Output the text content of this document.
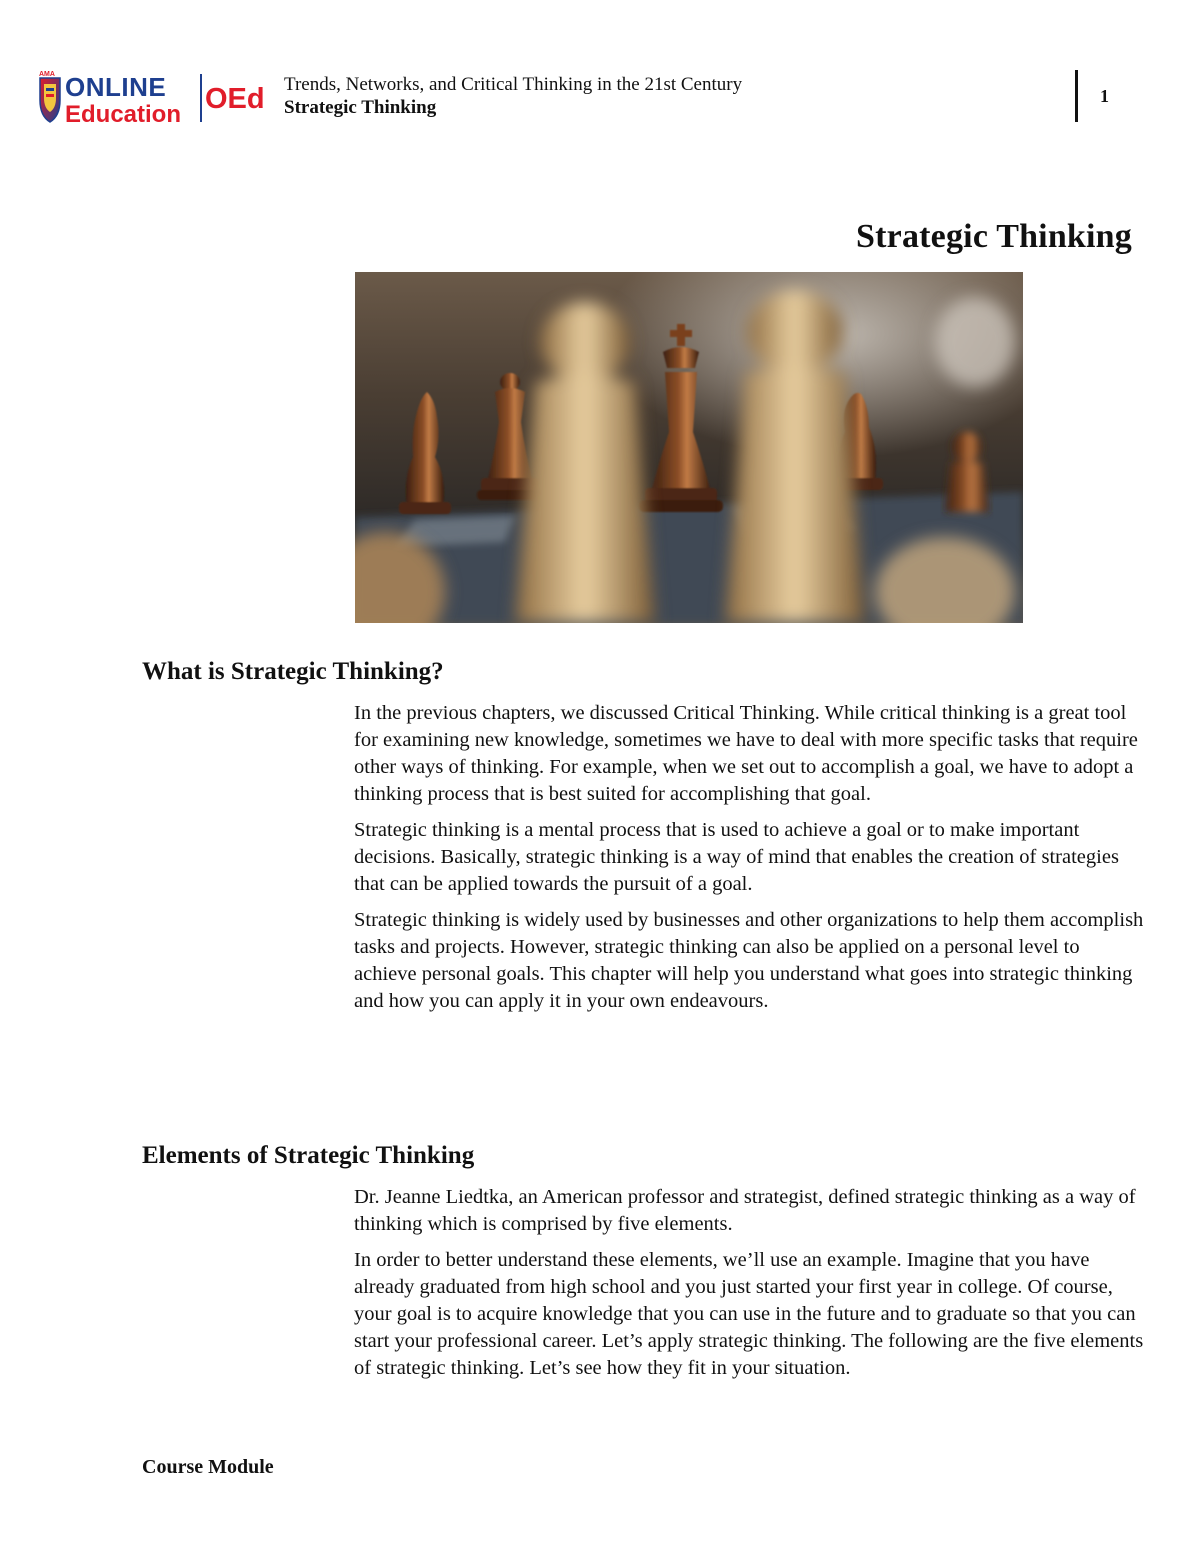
AMA ONLINE
Education OEd Trends, Networks, and Critical Thinking in the 21st Century
Strategic Thinking
1
Strategic Thinking
What is Strategic Thinking?

In the previous chapters, we discussed Critical Thinking. While critical thinking is a great tool for examining new knowledge, sometimes we have to deal with more specific tasks that require other ways of thinking. For example, when we set out to accomplish a goal, we have to adopt a thinking process that is best suited for accomplishing that goal.

Strategic thinking is a mental process that is used to achieve a goal or to make important decisions. Basically, strategic thinking is a way of mind that enables the creation of strategies that can be applied towards the pursuit of a goal.

Strategic thinking is widely used by businesses and other organizations to help them accomplish tasks and projects. However, strategic thinking can also be applied on a personal level to achieve personal goals. This chapter will help you understand what goes into strategic thinking and how you can apply it in your own endeavours.

Elements of Strategic Thinking

Dr. Jeanne Liedtka, an American professor and strategist, defined strategic thinking as a way of thinking which is comprised by five elements.

In order to better understand these elements, we’ll use an example. Imagine that you have already graduated from high school and you just started your first year in college. Of course, your goal is to acquire knowledge that you can use in the future and to graduate so that you can start your professional career. Let’s apply strategic thinking. The following are the five elements of strategic thinking. Let’s see how they fit in your situation.

Course Module
